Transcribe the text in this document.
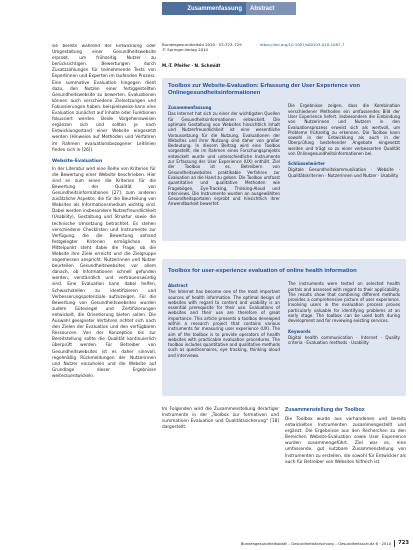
sie bereits während der Entwicklung oder Umgestaltung einer Gesundheitswebsite erprobt, um frühzeitig Nutzer zu berücksichtigen. Bewertungen durch Zusatzzahlungen für teilnehmende Tests von Expertinnen und Experten im laufenden Prozess. Eine summative Evaluation hingegen dient dazu, den Nutzen einer fertiggestellten Gesundheitswebsite zu bewerten. Evaluationen können auch verschiedene Zielsetzungen und Fokussierungen haben, beispielsweise kann eine Evaluation zunächst auf Inhalte oder Funktionen fokussiert werden. Beide Vorgehensweisen ergänzen sich und sollten je nach Entwicklungsstand einer Website eingesetzt werden (Hinweise auf Methoden und Verfahren im Rahmen evaluationsbezogener Leitlinien finden sich in [26]).

Website-Evaluation

In der Literatur wird eine Reihe von Kriterien für die Bewertung einer Website beschrieben. Hier sind es zum einen die Kriterien für die Bewertung der Qualität von Gesundheitsinformationen [27], zum anderen zusätzliche Aspekte, die für die Beurteilung von Websites als Informationsmedium wichtig sind. Dabei werden insbesondere Nutzerfreundlichkeit (Usability), Gestaltung und Struktur sowie die technische Umsetzung betrachtet. Es stehen verschiedene Checklisten und Instrumente zur Verfügung, die die Bewertung anhand festgelegter Kriterien ermöglichen. Im Mittelpunkt steht dabei die Frage, ob die Website ihre Ziele erreicht und die Zielgruppe angemessen anspricht. Nutzerinnen und Nutzer beurteilen Gesundheitswebsites vor allem danach, ob Informationen schnell gefunden werden, verständlich und vertrauenswürdig sind. Eine Evaluation kann dabei helfen, Schwachstellen zu identifizieren und Verbesserungspotenziale aufzuzeigen. Für die Bewertung von Gesundheitswebsites wurden zudem Gütesiegel und Zertifizierungen entwickelt, die Orientierung bieten sollen. Die Auswahl geeigneter Verfahren richtet sich nach den Zielen der Evaluation und den verfügbaren Ressourcen. Von der Konzeption bis zur Bereitstellung sollte die Qualität kontinuierlich überprüft werden. Für Betreiber von Gesundheitswebsites ist es daher sinnvoll, regelmäßig Rückmeldungen der Nutzerinnen und Nutzer einzuholen und die Website auf Grundlage dieser Ergebnisse weiterzuentwickeln.

Zusammenfassung	Abstract
Bundesgesundheitsbl 2010 · 53:723–729	https://doi.org/10.1007/s00103-010-1087-7
© Springer-Verlag 2010
M.-T. Pfeifer · N. Schmidt
Toolbox zur Website-Evaluation: Erfassung der User Experience von Onlinegesundheitsinformationen
Zusammenfassung
Das Internet hat sich zu einer der wichtigsten Quellen für Gesundheitsinformationen entwickelt. Die optimale Gestaltung von Websites hinsichtlich Inhalt und Nutzerfreundlichkeit ist eine wesentliche Voraussetzung für die Nutzung. Evaluationen der Websites und ihrer Nutzung sind daher von großer Bedeutung. In diesem Beitrag wird eine Toolbox vorgestellt, die im Rahmen eines Forschungsprojekts entwickelt wurde und unterschiedliche Instrumente zur Erfassung der User Experience (UX) enthält. Ziel der Toolbox ist es, Betreibern von Gesundheitswebsites praktikable Verfahren zur Evaluation an die Hand zu geben. Die Toolbox umfasst quantitative und qualitative Methoden wie Fragebögen, Eye-Tracking, Thinking-Aloud und Interviews. Die Instrumente wurden an ausgewählten Gesundheitsportalen erprobt und hinsichtlich ihrer Anwendbarkeit bewertet.
Die Ergebnisse zeigen, dass die Kombination verschiedener Methoden ein umfassendes Bild der User Experience liefert. Insbesondere die Einbindung von Nutzerinnen und Nutzern in den Evaluationsprozess erweist sich als wertvoll, um Probleme frühzeitig zu erkennen. Die Toolbox kann sowohl in der Entwicklung als auch in der Überprüfung bestehender Angebote eingesetzt werden und trägt so zu einer verbesserten Qualität von Onlinegesundheitsinformationen bei.
Schlüsselwörter
Digitale Gesundheitskommunikation · Website · Qualitätskriterien · Nutzerinnen und Nutzer · Usability
Toolbox for user-experience evaluation of online health information
Abstract
The Internet has become one of the most important sources of health information. The optimal design of websites with regard to content and usability is an essential prerequisite for their use. Evaluations of websites and their use are therefore of great importance. This article presents a toolbox developed within a research project that contains various instruments for measuring user experience (UX). The aim of the toolbox is to provide operators of health websites with practicable evaluation procedures. The toolbox includes quantitative and qualitative methods such as questionnaires, eye tracking, thinking aloud and interviews.
The instruments were tested on selected health portals and assessed with regard to their applicability. The results show that combining different methods provides a comprehensive picture of user experience. Involving users in the evaluation process proves particularly valuable for identifying problems at an early stage. The toolbox can be used both during development and for reviewing existing services.
Keywords
Digital health communication · Internet · Quality criteria · Evaluation methods · Usability
Im Folgenden wird die Zusammenstellung derartiger Instrumente in der „Toolbox zur formativen und summativen Evaluation und Qualitätssicherung“ [18] dargestellt.
Zusammenstellung der Toolbox

Die Toolbox wurde aus vorhandenen und bereits entwickelten Instrumenten zusammengestellt und ergänzt. Die Ergebnisse aus den Recherchen zu den Bereichen Website-Evaluation sowie User Experience wurden zusammengeführt. Ziel war es, eine umfassende, gut nutzbare Zusammenstellung von Instrumenten zu erstellen, die sowohl für Entwickler als auch für Betreiber von Websites hilfreich ist.

Bundesgesundheitsblatt – Gesundheitsforschung – Gesundheitsschutz 6 · 2010 723
